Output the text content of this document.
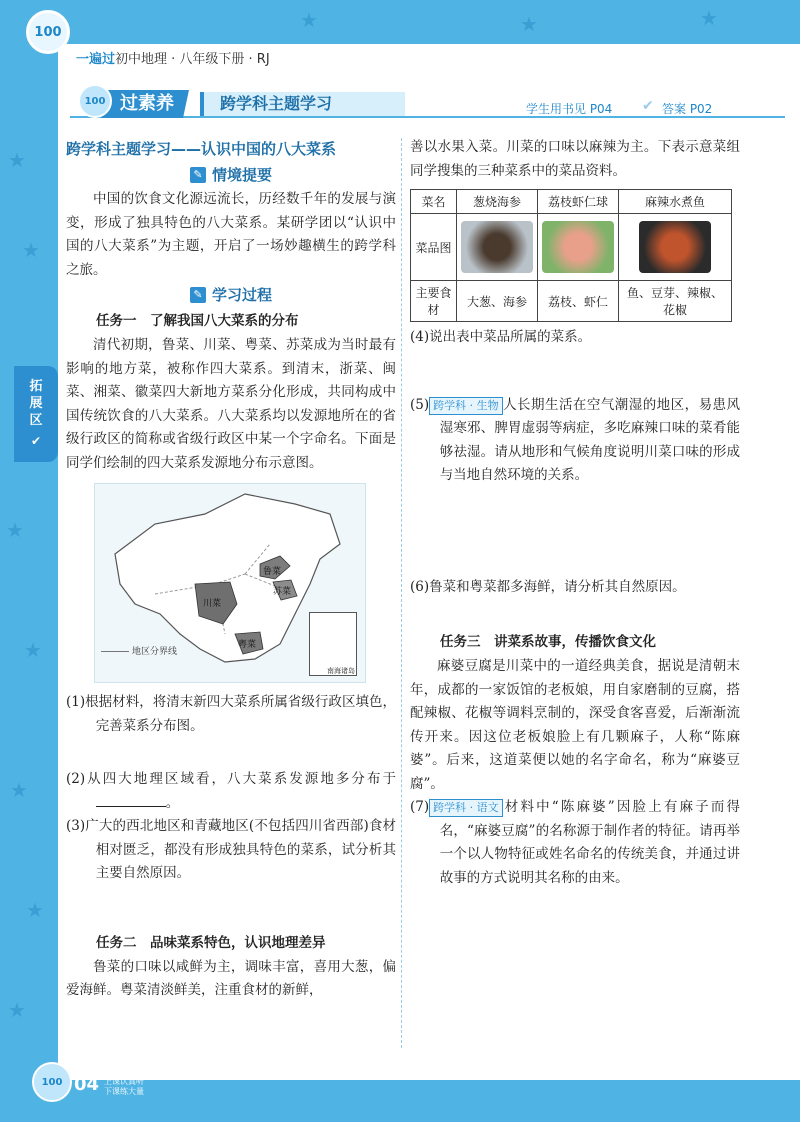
★
★
★
★
★
★
★
★	★	★
100
一遍过 初中地理 · 八年级下册 · RJ
过素养
100	跨学科主题学习	学生用书见 P04 ✔ 答案 P02
拓
展
区
✔
跨学科主题学习——认识中国的八大菜系
✎ 情境提要

中国的饮食文化源远流长，历经数千年的发展与演变，形成了独具特色的八大菜系。某研学团以“认识中国的八大菜系”为主题，开启了一场妙趣横生的跨学科之旅。

✎ 学习过程
任务一　了解我国八大菜系的分布

清代初期，鲁菜、川菜、粤菜、苏菜成为当时最有影响的地方菜，被称作四大菜系。到清末，浙菜、闽菜、湘菜、徽菜四大新地方菜系分化形成，共同构成中国传统饮食的八大菜系。八大菜系均以发源地所在的省级行政区的简称或省级行政区中某一个字命名。下面是同学们绘制的四大菜系发源地分布示意图。

鲁菜
苏菜
川菜
粤菜
地区分界线
南海诸岛

(1)根据材料，将清末新四大菜系所属省级行政区填色，完善菜系分布图。

(2)从四大地理区域看，八大菜系发源地多分布于。

(3)广大的西北地区和青藏地区(不包括四川省西部)食材相对匮乏，都没有形成独具特色的菜系，试分析其主要自然原因。

任务二　品味菜系特色，认识地理差异

鲁菜的口味以咸鲜为主，调味丰富，喜用大葱，偏爱海鲜。粤菜清淡鲜美，注重食材的新鲜，

善以水果入菜。川菜的口味以麻辣为主。下表示意菜组同学搜集的三种菜系中的菜品资料。

菜名	葱烧海参	荔枝虾仁球	麻辣水煮鱼
菜品图	

主要食材	大葱、海参	荔枝、虾仁	鱼、豆芽、辣椒、花椒

(4)说出表中菜品所属的菜系。

(5) 跨学科 · 生物 人长期生活在空气潮湿的地区，易患风湿寒邪、脾胃虚弱等病症，多吃麻辣口味的菜肴能够祛湿。请从地形和气候角度说明川菜口味的形成与当地自然环境的关系。

(6)鲁菜和粤菜都多海鲜，请分析其自然原因。

任务三　讲菜系故事，传播饮食文化

麻婆豆腐是川菜中的一道经典美食，据说是清朝末年，成都的一家饭馆的老板娘，用自家磨制的豆腐，搭配辣椒、花椒等调料烹制的，深受食客喜爱，后渐渐流传开来。因这位老板娘脸上有几颗麻子，人称“陈麻婆”。后来，这道菜便以她的名字命名，称为“麻婆豆腐”。

(7) 跨学科 · 语文 材料中“陈麻婆”因脸上有麻子而得名，“麻婆豆腐”的名称源于制作者的特征。请再举一个以人物特征或姓名命名的传统美食，并通过讲故事的方式说明其名称的由来。

100 04 上课认真听 下课练大量
